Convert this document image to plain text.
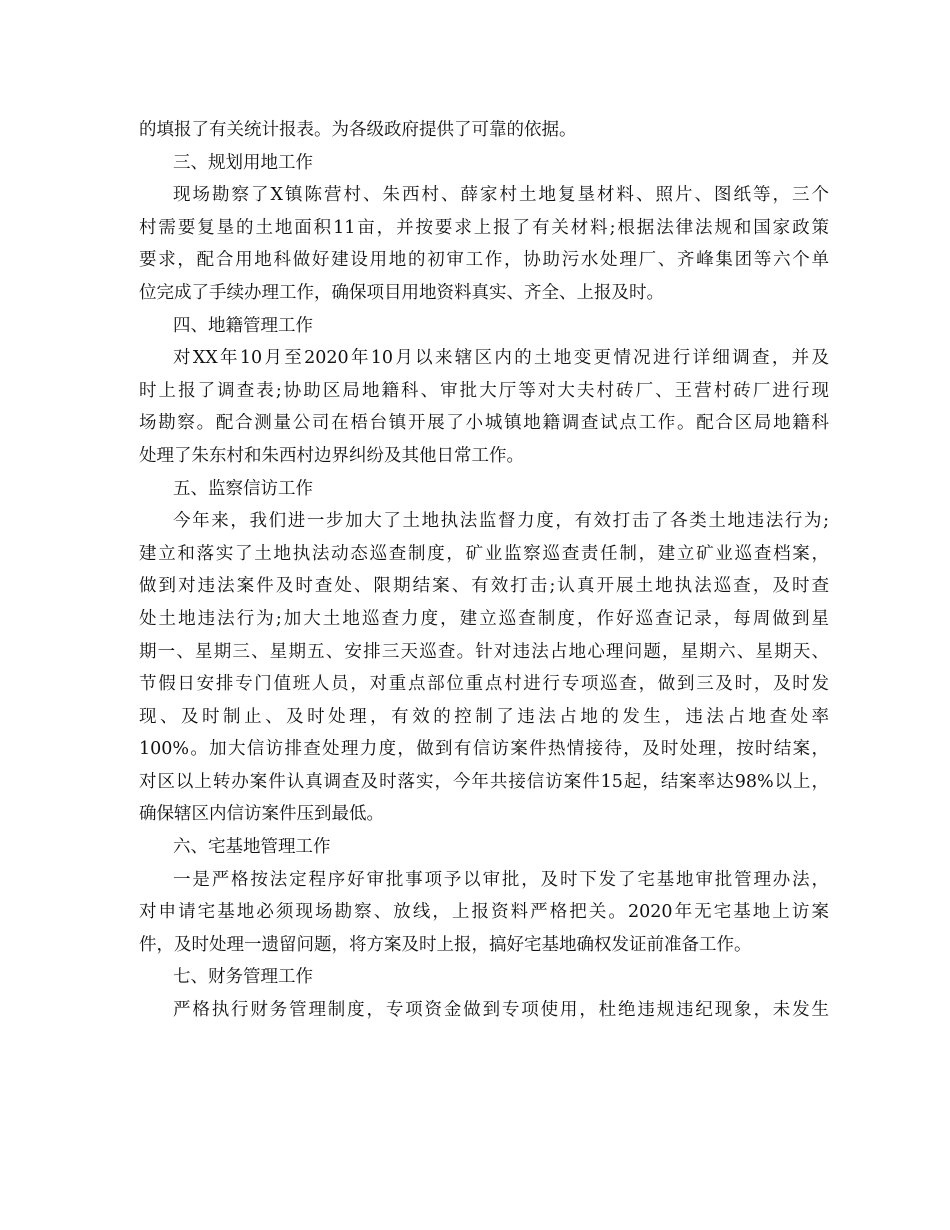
的填报了有关统计报表。为各级政府提供了可靠的依据。
三、规划用地工作
现场勘察了X镇陈营村、朱西村、薛家村土地复垦材料、照片、图纸等，三个
村需要复垦的土地面积11亩，并按要求上报了有关材料;根据法律法规和国家政策
要求，配合用地科做好建设用地的初审工作，协助污水处理厂、齐峰集团等六个单
位完成了手续办理工作，确保项目用地资料真实、齐全、上报及时。
四、地籍管理工作
对XX年10月至2020年10月以来辖区内的土地变更情况进行详细调查，并及
时上报了调查表;协助区局地籍科、审批大厅等对大夫村砖厂、王营村砖厂进行现
场勘察。配合测量公司在梧台镇开展了小城镇地籍调查试点工作。配合区局地籍科
处理了朱东村和朱西村边界纠纷及其他日常工作。
五、监察信访工作
今年来，我们进一步加大了土地执法监督力度，有效打击了各类土地违法行为;
建立和落实了土地执法动态巡查制度，矿业监察巡查责任制，建立矿业巡查档案，
做到对违法案件及时查处、限期结案、有效打击;认真开展土地执法巡查，及时查
处土地违法行为;加大土地巡查力度，建立巡查制度，作好巡查记录，每周做到星
期一、星期三、星期五、安排三天巡查。针对违法占地心理问题，星期六、星期天、
节假日安排专门值班人员，对重点部位重点村进行专项巡查，做到三及时，及时发
现、及时制止、及时处理，有效的控制了违法占地的发生，违法占地查处率
100%。加大信访排查处理力度，做到有信访案件热情接待，及时处理，按时结案，
对区以上转办案件认真调查及时落实，今年共接信访案件15起，结案率达98%以上，
确保辖区内信访案件压到最低。
六、宅基地管理工作
一是严格按法定程序好审批事项予以审批，及时下发了宅基地审批管理办法，
对申请宅基地必须现场勘察、放线，上报资料严格把关。2020年无宅基地上访案
件，及时处理一遗留问题，将方案及时上报，搞好宅基地确权发证前准备工作。
七、财务管理工作
严格执行财务管理制度，专项资金做到专项使用，杜绝违规违纪现象，未发生
